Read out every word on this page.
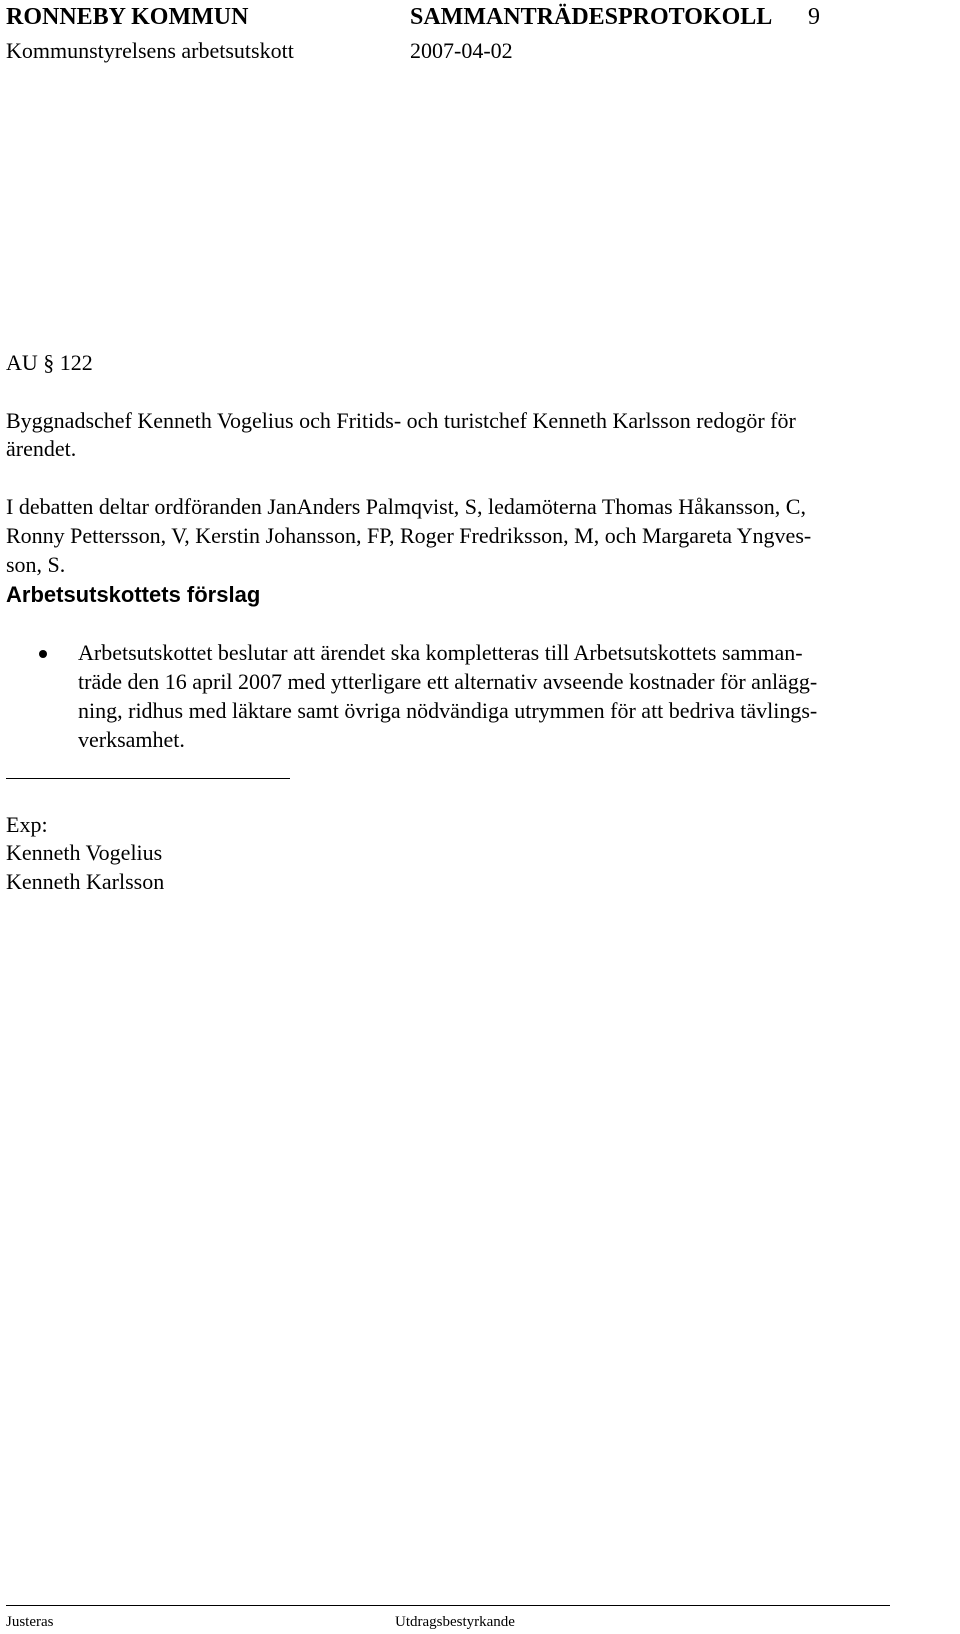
RONNEBY KOMMUN	SAMMANTRÄDESPROTOKOLL 9
Kommunstyrelsens arbetsutskott	2007-04-02
AU § 122
Byggnadschef Kenneth Vogelius och Fritids- och turistchef Kenneth Karlsson redogör för
ärendet.
I debatten deltar ordföranden JanAnders Palmqvist, S, ledamöterna Thomas Håkansson, C,
Ronny Pettersson, V, Kerstin Johansson, FP, Roger Fredriksson, M, och Margareta Yngves-
son, S.
Arbetsutskottets förslag
Arbetsutskottet beslutar att ärendet ska kompletteras till Arbetsutskottets samman-
träde den 16 april 2007 med ytterligare ett alternativ avseende kostnader för anlägg-
ning, ridhus med läktare samt övriga nödvändiga utrymmen för att bedriva tävlings-
verksamhet.
Exp:
Kenneth Vogelius
Kenneth Karlsson
Justeras	Utdragsbestyrkande
